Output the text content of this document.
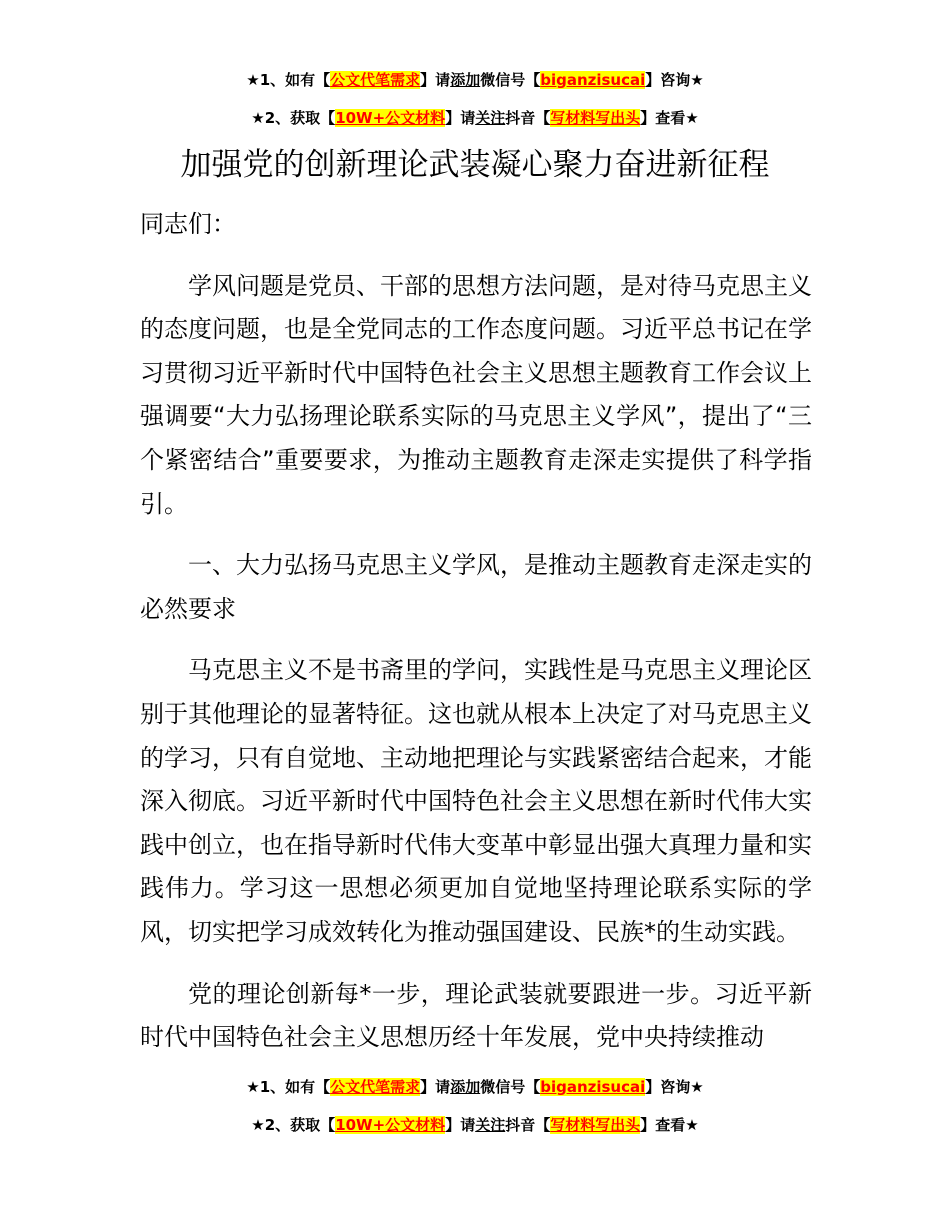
★1、如有【公文代笔需求】请添加微信号【biganzisucai】咨询★
★2、获取【10W+公文材料】请关注抖音【写材料写出头】查看★
加强党的创新理论武装凝心聚力奋进新征程

同志们：

学风问题是党员、干部的思想方法问题，是对待马克思主义的态度问题，也是全党同志的工作态度问题。习近平总书记在学习贯彻习近平新时代中国特色社会主义思想主题教育工作会议上强调要“大力弘扬理论联系实际的马克思主义学风”，提出了“三个紧密结合”重要要求，为推动主题教育走深走实提供了科学指引。

一、大力弘扬马克思主义学风，是推动主题教育走深走实的必然要求

马克思主义不是书斋里的学问，实践性是马克思主义理论区别于其他理论的显著特征。这也就从根本上决定了对马克思主义的学习，只有自觉地、主动地把理论与实践紧密结合起来，才能深入彻底。习近平新时代中国特色社会主义思想在新时代伟大实践中创立，也在指导新时代伟大变革中彰显出强大真理力量和实践伟力。学习这一思想必须更加自觉地坚持理论联系实际的学风，切实把学习成效转化为推动强国建设、民族*的生动实践。

党的理论创新每*一步，理论武装就要跟进一步。习近平新时代中国特色社会主义思想历经十年发展，党中央持续推动

★1、如有【公文代笔需求】请添加微信号【biganzisucai】咨询★
★2、获取【10W+公文材料】请关注抖音【写材料写出头】查看★
